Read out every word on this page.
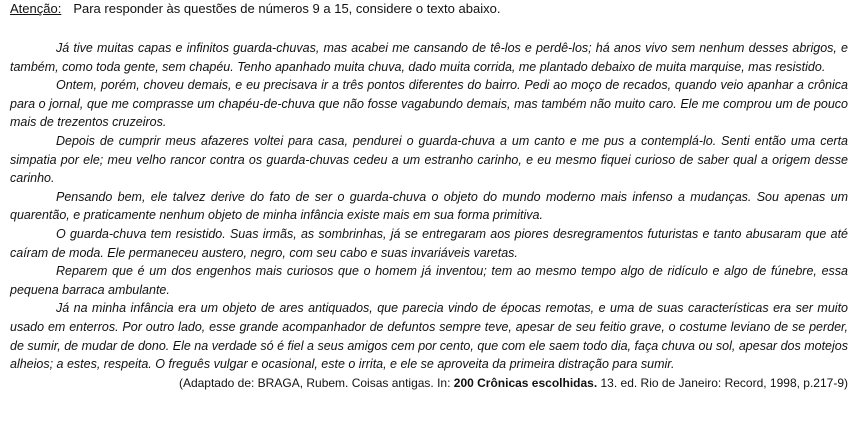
Atenção: Para responder às questões de números 9 a 15, considere o texto abaixo.

Já tive muitas capas e infinitos guarda-chuvas, mas acabei me cansando de tê-los e perdê-los; há anos vivo sem nenhum desses abrigos, e também, como toda gente, sem chapéu. Tenho apanhado muita chuva, dado muita corrida, me plantado debaixo de muita marquise, mas resistido.

Ontem, porém, choveu demais, e eu precisava ir a três pontos diferentes do bairro. Pedi ao moço de recados, quando veio apanhar a crônica para o jornal, que me comprasse um chapéu-de-chuva que não fosse vagabundo demais, mas também não muito caro. Ele me comprou um de pouco mais de trezentos cruzeiros.

Depois de cumprir meus afazeres voltei para casa, pendurei o guarda-chuva a um canto e me pus a contemplá-lo. Senti então uma certa simpatia por ele; meu velho rancor contra os guarda-chuvas cedeu a um estranho carinho, e eu mesmo fiquei curioso de saber qual a origem desse carinho.

Pensando bem, ele talvez derive do fato de ser o guarda-chuva o objeto do mundo moderno mais infenso a mudanças. Sou apenas um quarentão, e praticamente nenhum objeto de minha infância existe mais em sua forma primitiva.

O guarda-chuva tem resistido. Suas irmãs, as sombrinhas, já se entregaram aos piores desregramentos futuristas e tanto abusaram que até caíram de moda. Ele permaneceu austero, negro, com seu cabo e suas invariáveis varetas.

Reparem que é um dos engenhos mais curiosos que o homem já inventou; tem ao mesmo tempo algo de ridículo e algo de fúnebre, essa pequena barraca ambulante.

Já na minha infância era um objeto de ares antiquados, que parecia vindo de épocas remotas, e uma de suas características era ser muito usado em enterros. Por outro lado, esse grande acompanhador de defuntos sempre teve, apesar de seu feitio grave, o costume leviano de se perder, de sumir, de mudar de dono. Ele na verdade só é fiel a seus amigos cem por cento, que com ele saem todo dia, faça chuva ou sol, apesar dos motejos alheios; a estes, respeita. O freguês vulgar e ocasional, este o irrita, e ele se aproveita da primeira distração para sumir.

(Adaptado de: BRAGA, Rubem. Coisas antigas. In: 200 Crônicas escolhidas. 13. ed. Rio de Janeiro: Record, 1998, p.217-9)
